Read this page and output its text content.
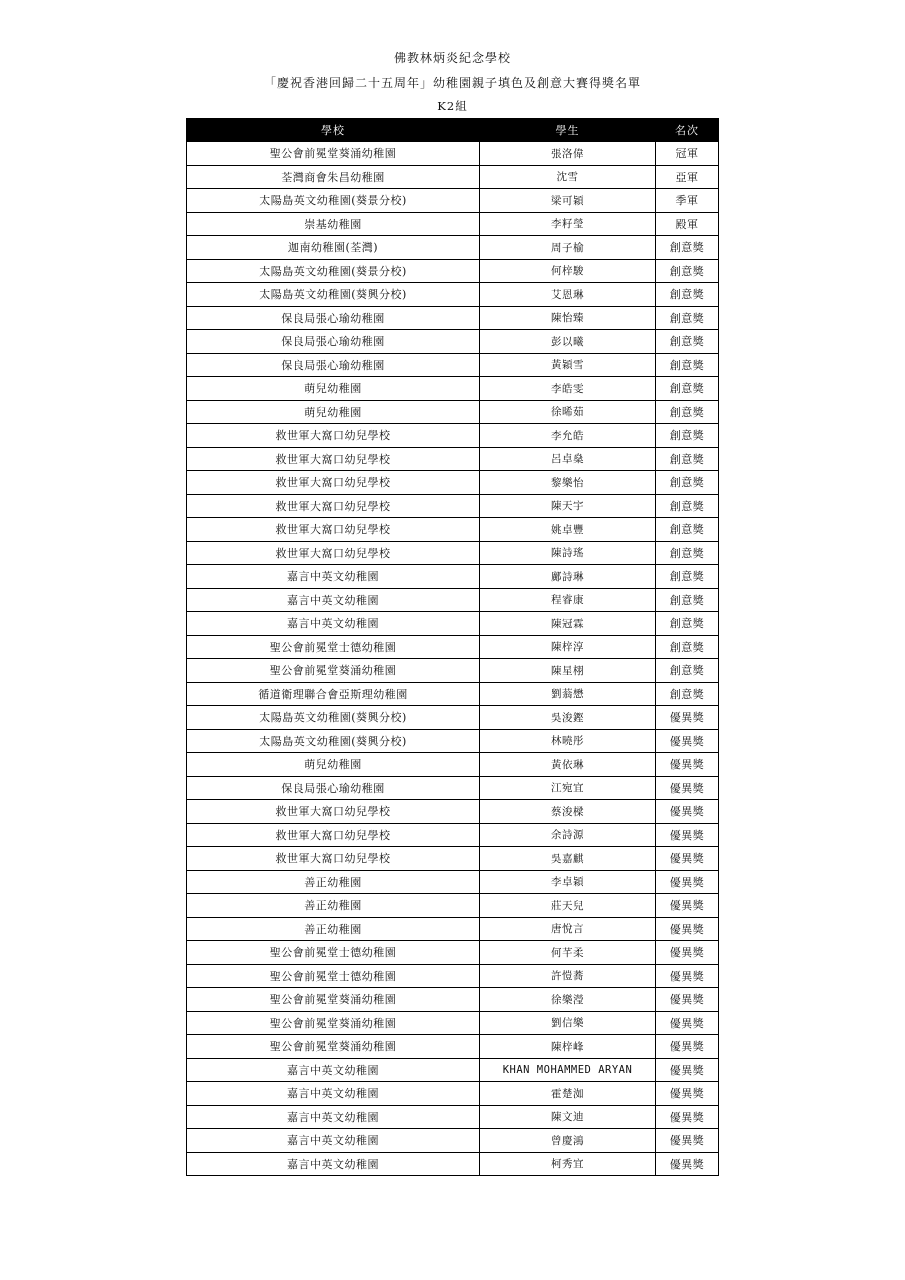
佛教林炳炎紀念學校
「慶祝香港回歸二十五周年」幼稚園親子填色及創意大賽得獎名單
K2組
學校	學生	名次
聖公會前冕堂葵涌幼稚園	張洛偉	冠軍
荃灣商會朱昌幼稚園	沈雪	亞軍
太陽島英文幼稚園(葵景分校)	梁可穎	季軍
崇基幼稚園	李籽瑩	殿軍
迦南幼稚園(荃灣)	周子榆	創意獎
太陽島英文幼稚園(葵景分校)	何梓駿	創意獎
太陽島英文幼稚園(葵興分校)	艾恩琳	創意獎
保良局張心瑜幼稚園	陳怡臻	創意獎
保良局張心瑜幼稚園	彭以曦	創意獎
保良局張心瑜幼稚園	黃穎雪	創意獎
萌兒幼稚園	李皓雯	創意獎
萌兒幼稚園	徐晞茹	創意獎
救世軍大窩口幼兒學校	李允皓	創意獎
救世軍大窩口幼兒學校	呂卓燊	創意獎
救世軍大窩口幼兒學校	黎樂怡	創意獎
救世軍大窩口幼兒學校	陳天宇	創意獎
救世軍大窩口幼兒學校	姚卓豐	創意獎
救世軍大窩口幼兒學校	陳詩瑤	創意獎
嘉言中英文幼稚園	鄺詩琳	創意獎
嘉言中英文幼稚園	程睿康	創意獎
嘉言中英文幼稚園	陳冠霖	創意獎
聖公會前冕堂士德幼稚園	陳梓淳	創意獎
聖公會前冕堂葵涌幼稚園	陳星栩	創意獎
循道衛理聯合會亞斯理幼稚園	劉蓊懋	創意獎
太陽島英文幼稚園(葵興分校)	吳浚鏗	優異獎
太陽島英文幼稚園(葵興分校)	林曉彤	優異獎
萌兒幼稚園	黃依琳	優異獎
保良局張心瑜幼稚園	江宛宜	優異獎
救世軍大窩口幼兒學校	蔡浚樑	優異獎
救世軍大窩口幼兒學校	余詩源	優異獎
救世軍大窩口幼兒學校	吳嘉麒	優異獎
善正幼稚園	李卓穎	優異獎
善正幼稚園	莊天兒	優異獎
善正幼稚園	唐悅言	優異獎
聖公會前冕堂士德幼稚園	何芊柔	優異獎
聖公會前冕堂士德幼稚園	許愷蕎	優異獎
聖公會前冕堂葵涌幼稚園	徐樂瀅	優異獎
聖公會前冕堂葵涌幼稚園	劉信樂	優異獎
聖公會前冕堂葵涌幼稚園	陳梓峰	優異獎
嘉言中英文幼稚園	KHAN MOHAMMED ARYAN	優異獎
嘉言中英文幼稚園	霍楚洳	優異獎
嘉言中英文幼稚園	陳文迪	優異獎
嘉言中英文幼稚園	曾慶鴻	優異獎
嘉言中英文幼稚園	柯秀宜	優異獎
